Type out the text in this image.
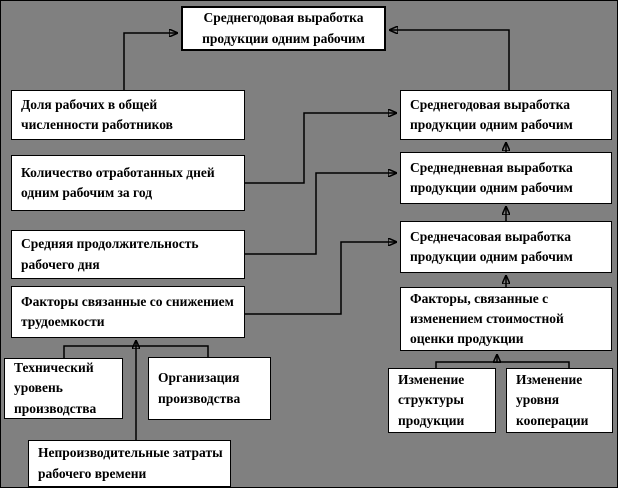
Среднегодовая выработка продукции одним рабочим
Доля рабочих в общей численности работников
Количество отработанных дней одним рабочим за год
Средняя продолжительность рабочего дня
Факторы связанные со снижением трудоемкости
Среднегодовая выработка продукции одним рабочим
Среднедневная выработка продукции одним рабочим
Среднечасовая выработка продукции одним рабочим
Факторы, связанные с изменением стоимостной оценки продукции
Технический уровень производства
Организация производства
Непроизводительные затраты рабочего времени
Изменение структуры продукции
Изменение уровня кооперации
